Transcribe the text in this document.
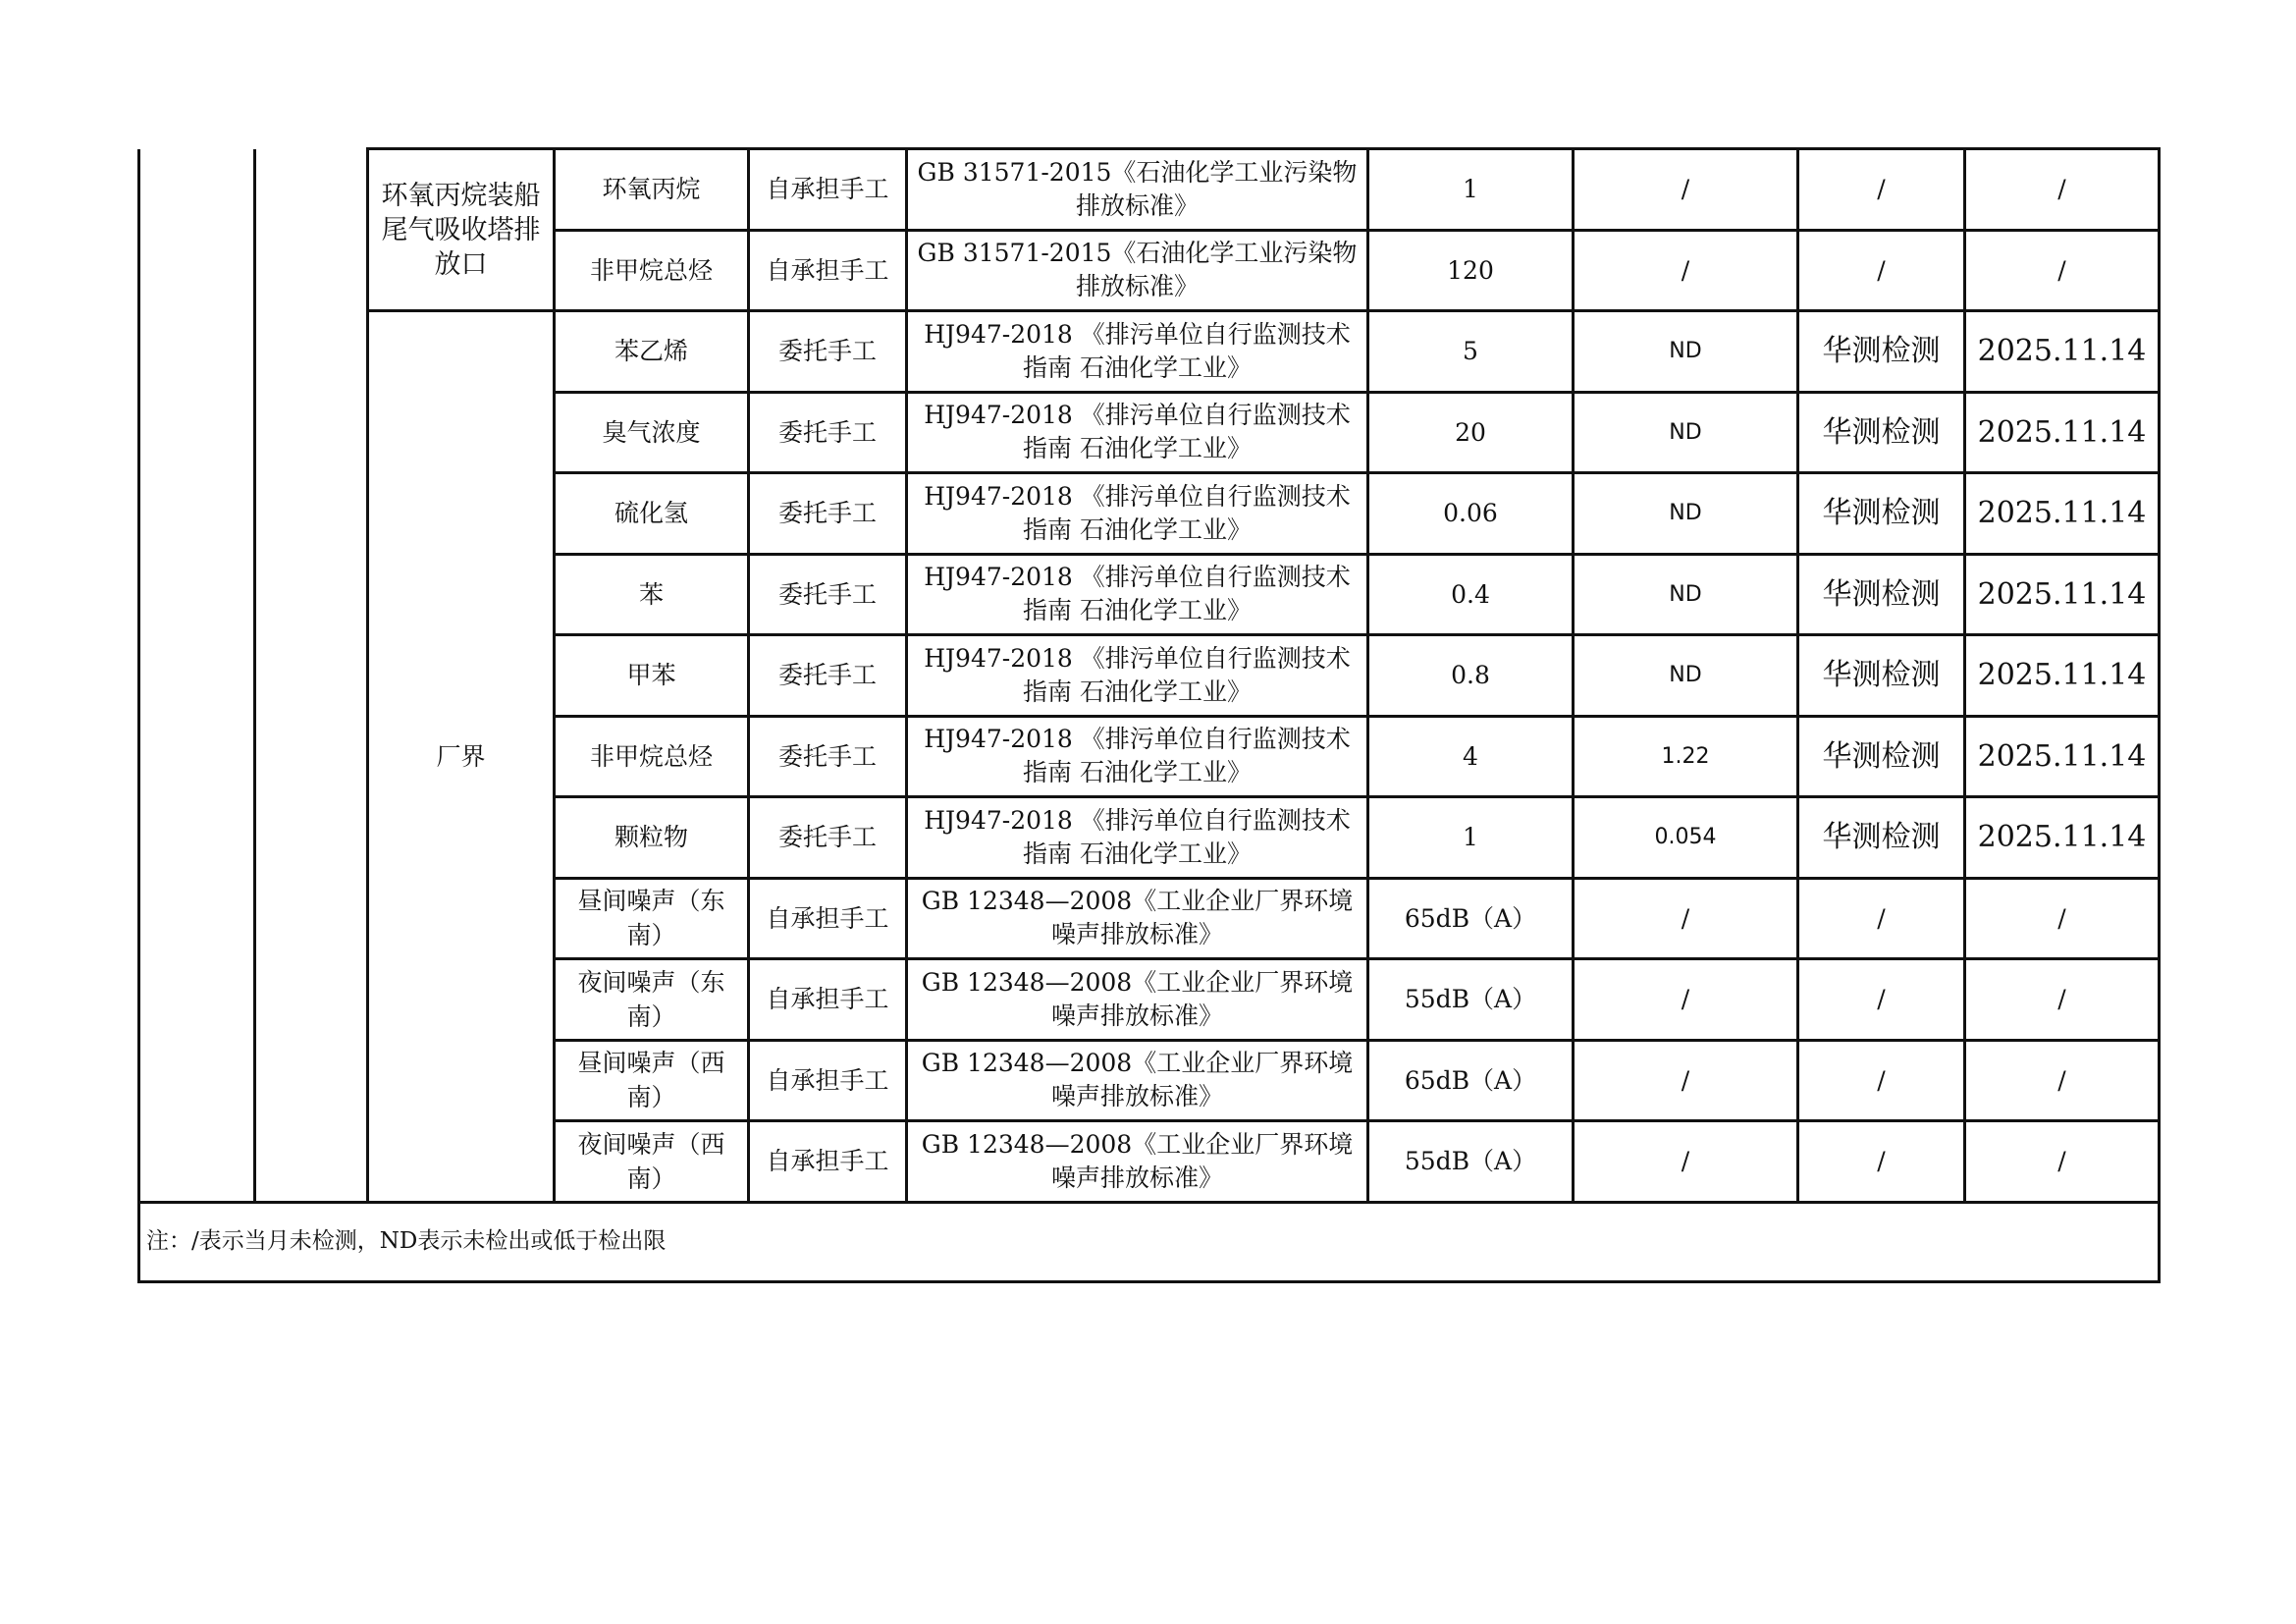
		环氧丙烷装船尾气吸收塔排放口	环氧丙烷	自承担手工	GB 31571-2015《石油化学工业污染物排放标准》	1	/	/	/
			非甲烷总烃	自承担手工	GB 31571-2015《石油化学工业污染物排放标准》	120	/	/	/
		厂界	苯乙烯	委托手工	HJ947-2018 《排污单位自行监测技术指南 石油化学工业》	5	ND	华测检测	2025.11.14
			臭气浓度	委托手工	HJ947-2018 《排污单位自行监测技术指南 石油化学工业》	20	ND	华测检测	2025.11.14
			硫化氢	委托手工	HJ947-2018 《排污单位自行监测技术指南 石油化学工业》	0.06	ND	华测检测	2025.11.14
			苯	委托手工	HJ947-2018 《排污单位自行监测技术指南 石油化学工业》	0.4	ND	华测检测	2025.11.14
			甲苯	委托手工	HJ947-2018 《排污单位自行监测技术指南 石油化学工业》	0.8	ND	华测检测	2025.11.14
			非甲烷总烃	委托手工	HJ947-2018 《排污单位自行监测技术指南 石油化学工业》	4	1.22	华测检测	2025.11.14
			颗粒物	委托手工	HJ947-2018 《排污单位自行监测技术指南 石油化学工业》	1	0.054	华测检测	2025.11.14
			昼间噪声（东南）	自承担手工	GB 12348—2008《工业企业厂界环境噪声排放标准》	65dB（A）	/	/	/
			夜间噪声（东南）	自承担手工	GB 12348—2008《工业企业厂界环境噪声排放标准》	55dB（A）	/	/	/
			昼间噪声（西南）	自承担手工	GB 12348—2008《工业企业厂界环境噪声排放标准》	65dB（A）	/	/	/
			夜间噪声（西南）	自承担手工	GB 12348—2008《工业企业厂界环境噪声排放标准》	55dB（A）	/	/	/
注：/表示当月未检测，ND表示未检出或低于检出限									
